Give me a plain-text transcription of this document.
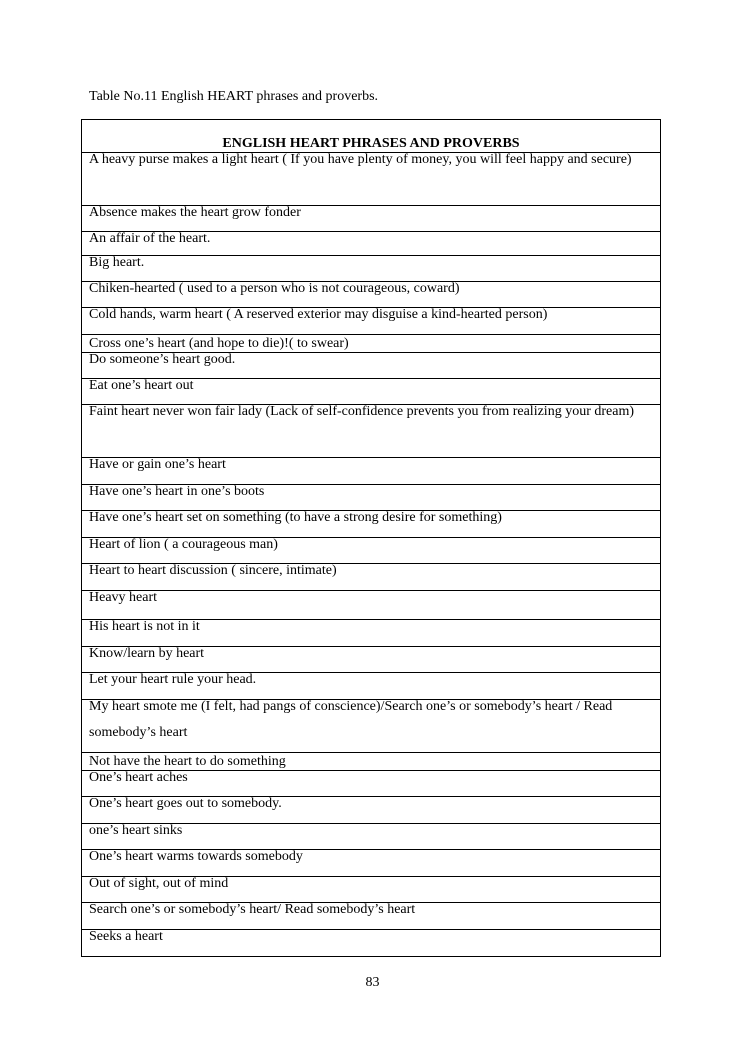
Table No.11 English HEART phrases and proverbs.
ENGLISH HEART PHRASES AND PROVERBS
A heavy purse makes a light heart ( If you have plenty of money, you will feel happy and secure)
Absence makes the heart grow fonder
An affair of the heart.
Big heart.
Chiken-hearted ( used to a person who is not courageous, coward)
Cold hands, warm heart ( A reserved exterior may disguise a kind-hearted person)
Cross one’s heart (and hope to die)!( to swear)
Do someone’s heart good.
Eat one’s heart out
Faint heart never won fair lady (Lack of self-confidence prevents you from realizing your dream)
Have or gain one’s heart
Have one’s heart in one’s boots
Have one’s heart set on something (to have a strong desire for something)
Heart of lion ( a courageous man)
Heart to heart discussion ( sincere, intimate)
Heavy heart
His heart is not in it
Know/learn by heart
Let your heart rule your head.
My heart smote me (I felt, had pangs of conscience)/Search one’s or somebody’s heart / Read somebody’s heart
Not have the heart to do something
One’s heart aches
One’s heart goes out to somebody.
one’s heart sinks
One’s heart warms towards somebody
Out of sight, out of mind
Search one’s or somebody’s heart/ Read somebody’s heart
Seeks a heart
83
